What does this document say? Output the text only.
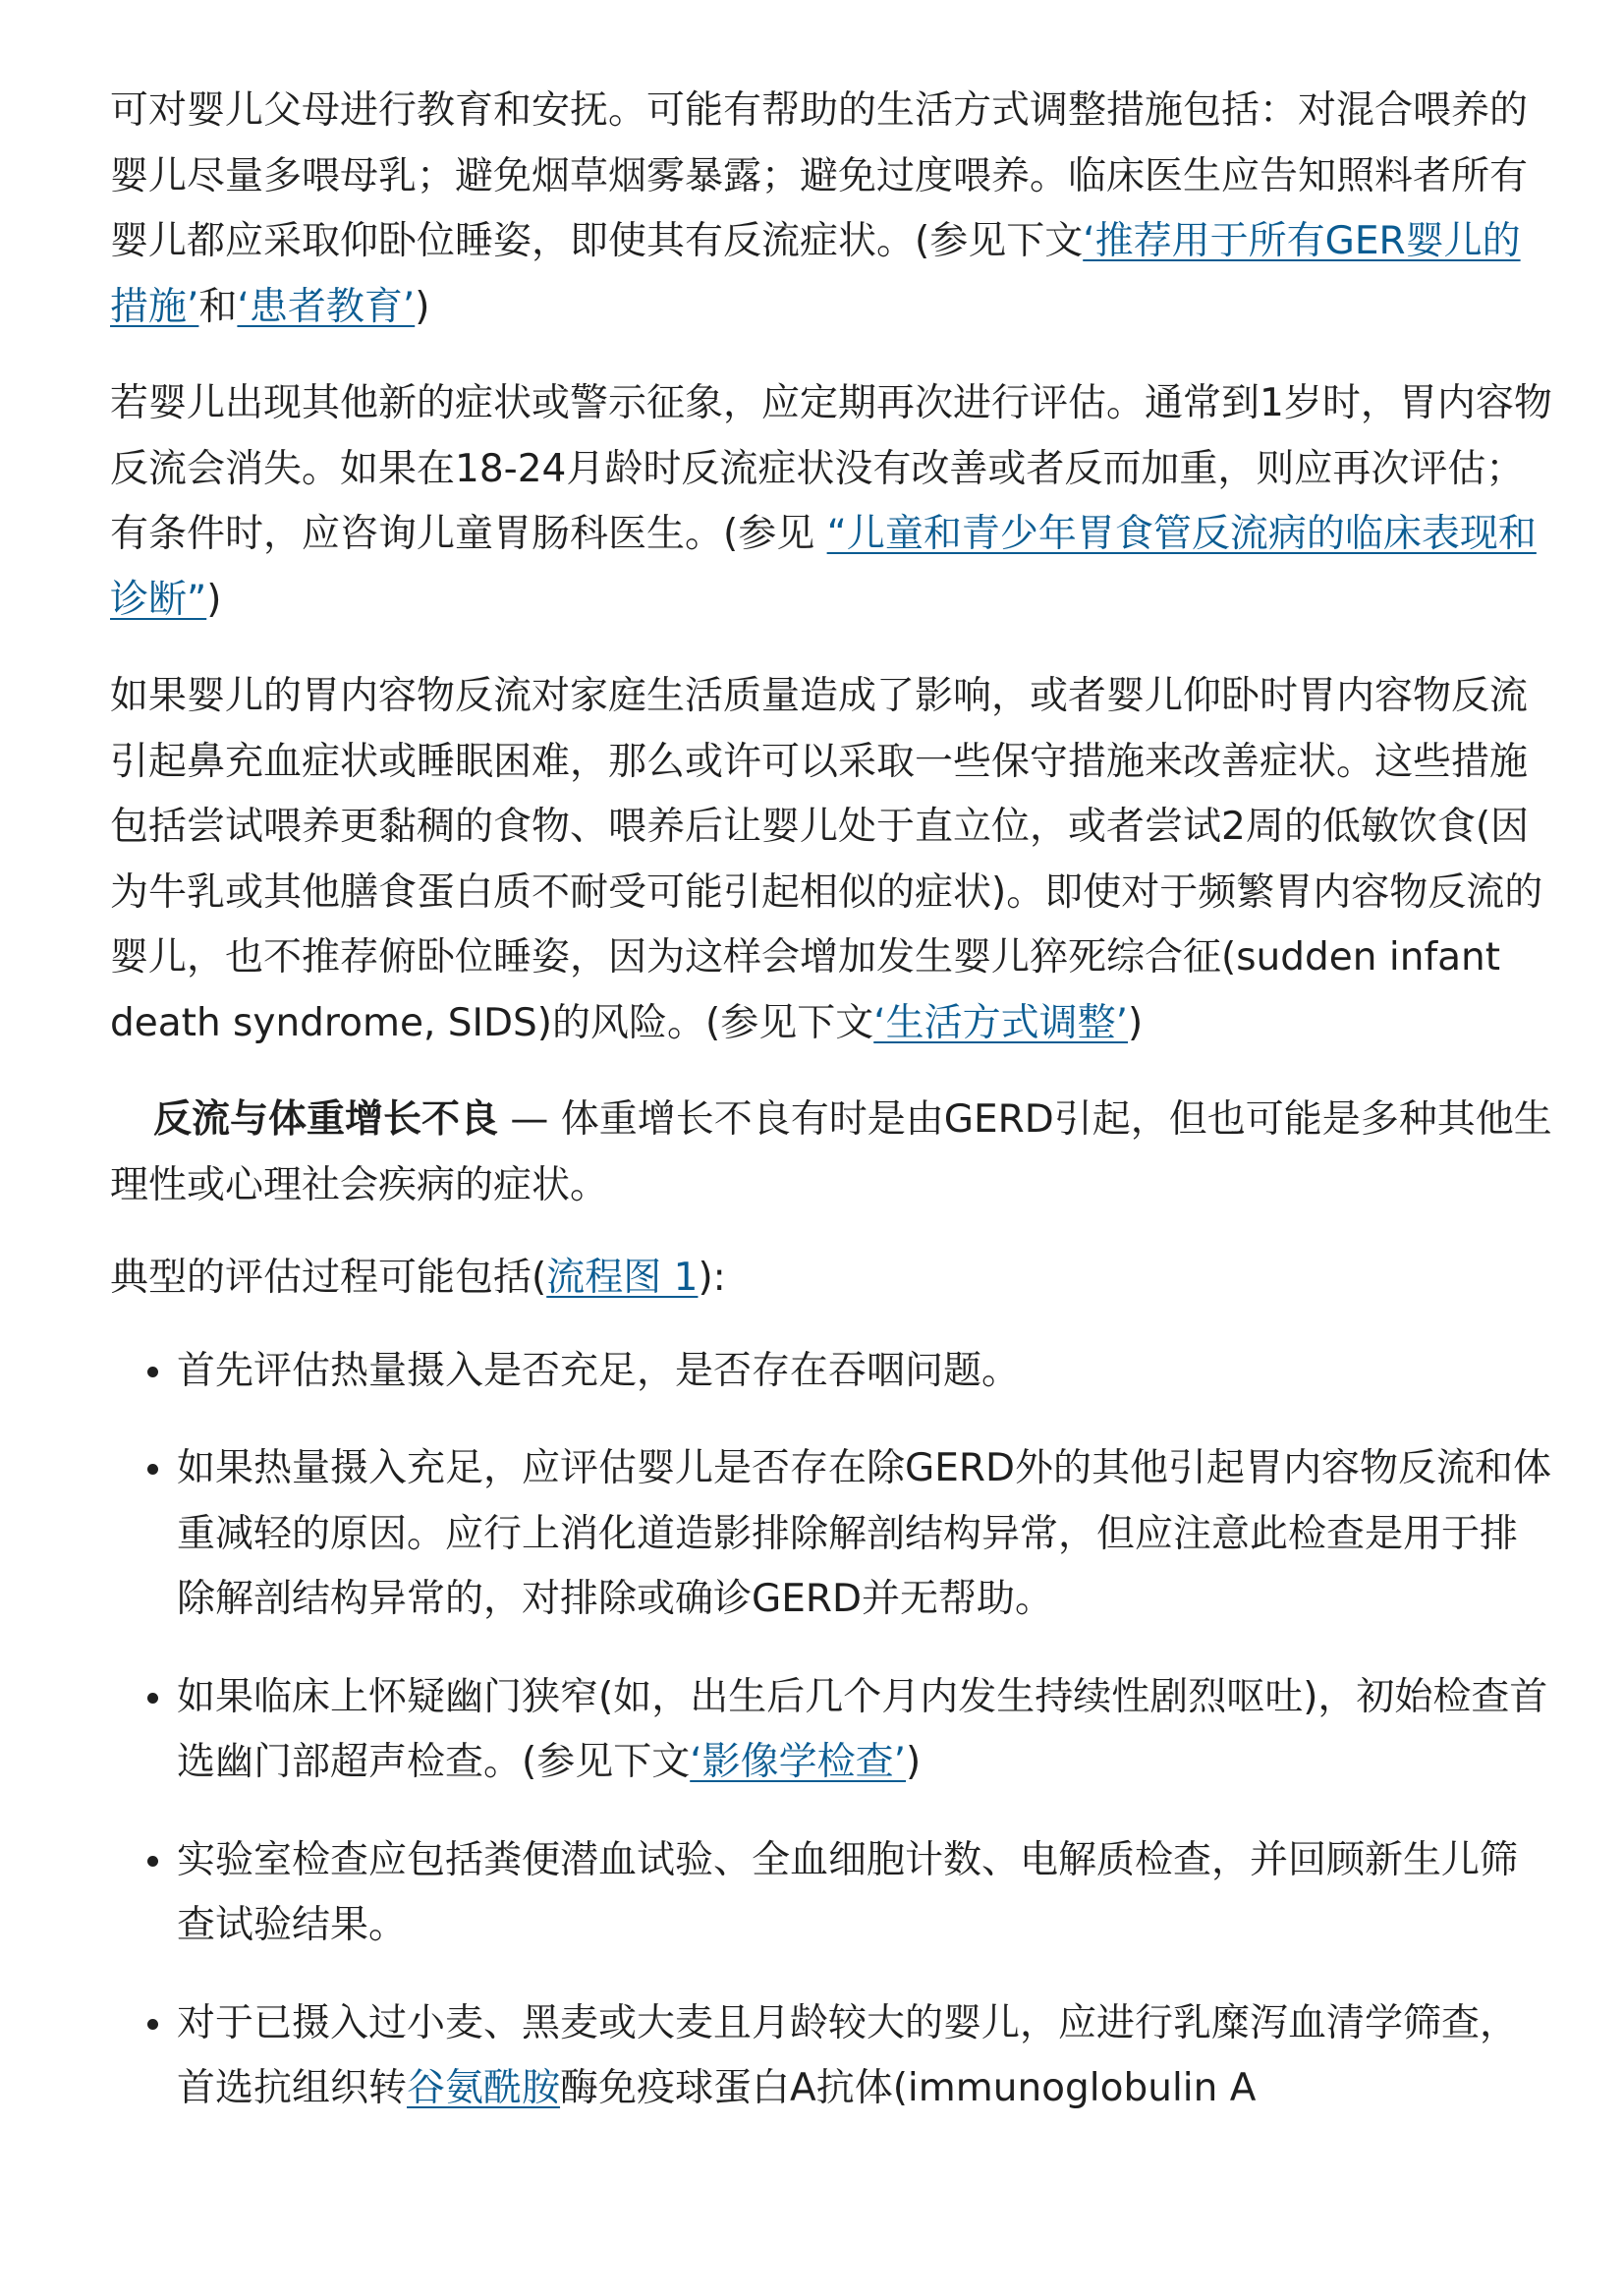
可对婴儿父母进行教育和安抚。可能有帮助的生活方式调整措施包括：对混合喂养的婴儿尽量多喂母乳；避免烟草烟雾暴露；避免过度喂养。临床医生应告知照料者所有婴儿都应采取仰卧位睡姿，即使其有反流症状。(参见下文‘推荐用于所有GER婴儿的措施’和‘患者教育’)

若婴儿出现其他新的症状或警示征象，应定期再次进行评估。通常到1岁时，胃内容物反流会消失。如果在18-24月龄时反流症状没有改善或者反而加重，则应再次评估；有条件时，应咨询儿童胃肠科医生。(参见 “儿童和青少年胃食管反流病的临床表现和诊断”)

如果婴儿的胃内容物反流对家庭生活质量造成了影响，或者婴儿仰卧时胃内容物反流引起鼻充血症状或睡眠困难，那么或许可以采取一些保守措施来改善症状。这些措施包括尝试喂养更黏稠的食物、喂养后让婴儿处于直立位，或者尝试2周的低敏饮食(因为牛乳或其他膳食蛋白质不耐受可能引起相似的症状)。即使对于频繁胃内容物反流的婴儿，也不推荐俯卧位睡姿，因为这样会增加发生婴儿猝死综合征(sudden infant death syndrome, SIDS)的风险。(参见下文‘生活方式调整’)

反流与体重增长不良 — 体重增长不良有时是由GERD引起，但也可能是多种其他生理性或心理社会疾病的症状。

典型的评估过程可能包括(流程图 1):

首先评估热量摄入是否充足，是否存在吞咽问题。
如果热量摄入充足，应评估婴儿是否存在除GERD外的其他引起胃内容物反流和体重减轻的原因。应行上消化道造影排除解剖结构异常，但应注意此检查是用于排除解剖结构异常的，对排除或确诊GERD并无帮助。
如果临床上怀疑幽门狭窄(如，出生后几个月内发生持续性剧烈呕吐)，初始检查首选幽门部超声检查。(参见下文‘影像学检查’)
实验室检查应包括粪便潜血试验、全血细胞计数、电解质检查，并回顾新生儿筛查试验结果。
对于已摄入过小麦、黑麦或大麦且月龄较大的婴儿，应进行乳糜泻血清学筛查，首选抗组织转谷氨酰胺酶免疫球蛋白A抗体(immunoglobulin A
